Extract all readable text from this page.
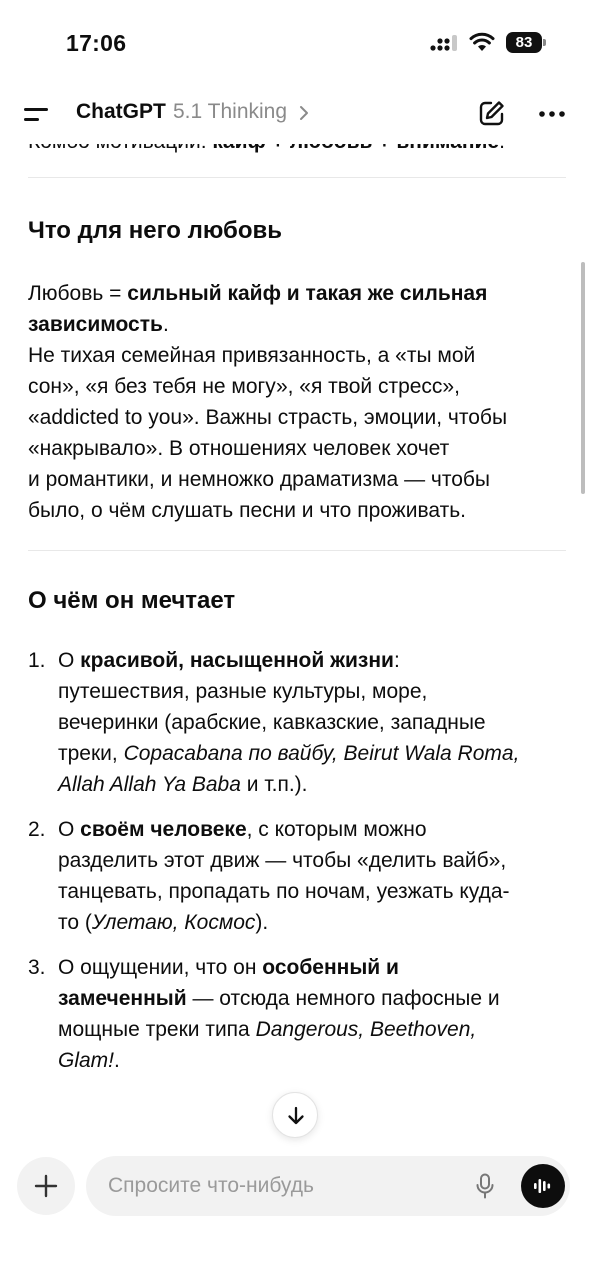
17:06	83
ChatGPT 5.1 Thinking
Что для него любовь
Любовь = сильный кайф и такая же сильная
зависимость.
Не тихая семейная привязанность, а «ты мой
сон», «я без тебя не могу», «я твой стресс»,
«addicted to you». Важны страсть, эмоции, чтобы
«накрывало». В отношениях человек хочет
и романтики, и немножко драматизма — чтобы
было, о чём слушать песни и что проживать.
О чём он мечтает
1. О красивой, насыщенной жизни:
путешествия, разные культуры, море,
вечеринки (арабские, кавказские, западные
треки, Copacabana по вайбу, Beirut Wala Roma,
Allah Allah Ya Baba и т.п.).
2. О своём человеке, с которым можно
разделить этот движ — чтобы «делить вайб»,
танцевать, пропадать по ночам, уезжать куда-
то (Улетаю, Космос).
3. О ощущении, что он особенный и
замеченный — отсюда немного пафосные и
мощные треки типа Dangerous, Beethoven,
Glam!.
Спросите что-нибудь
